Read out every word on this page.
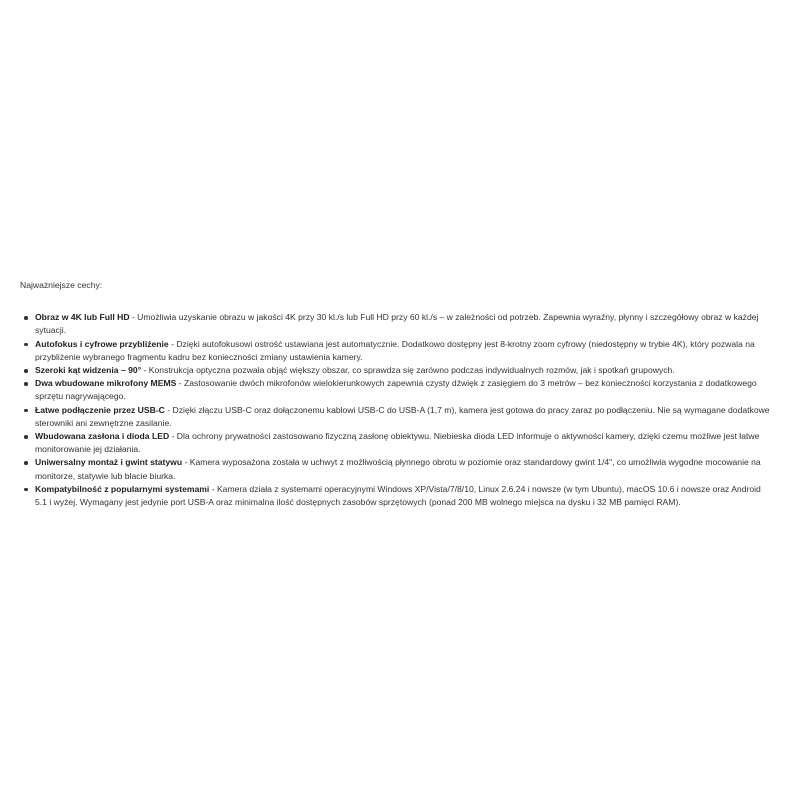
Najważniejsze cechy:

Obraz w 4K lub Full HD - Umożliwia uzyskanie obrazu w jakości 4K przy 30 kl./s lub Full HD przy 60 kl./s – w zależności od potrzeb. Zapewnia wyraźny, płynny i szczegółowy obraz w każdej sytuacji.
Autofokus i cyfrowe przybliżenie - Dzięki autofokusowi ostrość ustawiana jest automatycznie. Dodatkowo dostępny jest 8-krotny zoom cyfrowy (niedostępny w trybie 4K), który pozwala na przybliżenie wybranego fragmentu kadru bez konieczności zmiany ustawienia kamery.
Szeroki kąt widzenia – 90° - Konstrukcja optyczna pozwala objąć większy obszar, co sprawdza się zarówno podczas indywidualnych rozmów, jak i spotkań grupowych.
Dwa wbudowane mikrofony MEMS - Zastosowanie dwóch mikrofonów wielokierunkowych zapewnia czysty dźwięk z zasięgiem do 3 metrów – bez konieczności korzystania z dodatkowego sprzętu nagrywającego.
Łatwe podłączenie przez USB-C - Dzięki złączu USB-C oraz dołączonemu kablowi USB-C do USB-A (1,7 m), kamera jest gotowa do pracy zaraz po podłączeniu. Nie są wymagane dodatkowe sterowniki ani zewnętrzne zasilanie.
Wbudowana zasłona i dioda LED - Dla ochrony prywatności zastosowano fizyczną zasłonę obiektywu. Niebieska dioda LED informuje o aktywności kamery, dzięki czemu możliwe jest łatwe monitorowanie jej działania.
Uniwersalny montaż i gwint statywu - Kamera wyposażona została w uchwyt z możliwością płynnego obrotu w poziomie oraz standardowy gwint 1/4", co umożliwia wygodne mocowanie na monitorze, statywie lub blacie biurka.
Kompatybilność z popularnymi systemami - Kamera działa z systemami operacyjnymi Windows XP/Vista/7/8/10, Linux 2.6.24 i nowsze (w tym Ubuntu), macOS 10.6 i nowsze oraz Android 5.1 i wyżej. Wymagany jest jedynie port USB-A oraz minimalna ilość dostępnych zasobów sprzętowych (ponad 200 MB wolnego miejsca na dysku i 32 MB pamięci RAM).
